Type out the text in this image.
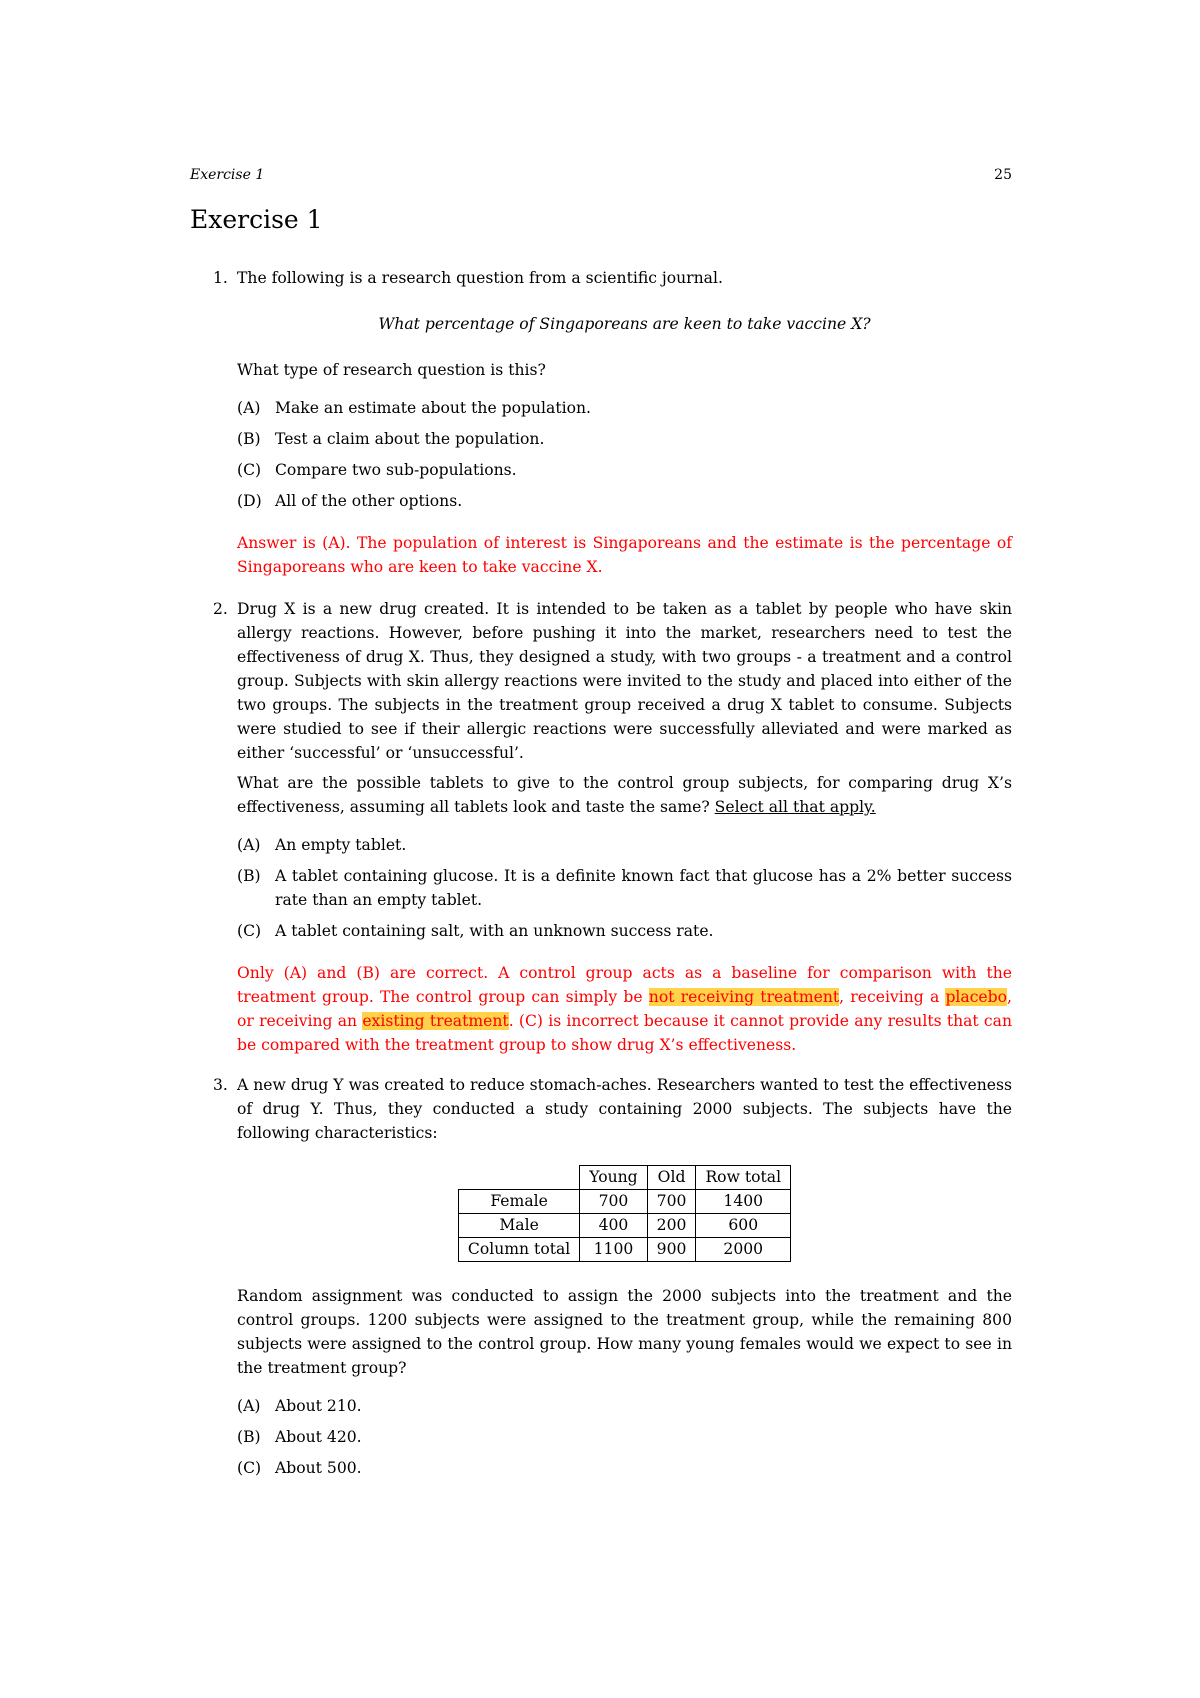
Exercise 1	25
Exercise 1
1. The following is a research question from a scientific journal.

What percentage of Singaporeans are keen to take vaccine X?

What type of research question is this?

(A) Make an estimate about the population.
(B) Test a claim about the population.
(C) Compare two sub-populations.
(D) All of the other options.

Answer is (A). The population of interest is Singaporeans and the estimate is the percentage of Singaporeans who are keen to take vaccine X.

2. Drug X is a new drug created. It is intended to be taken as a tablet by people who have skin allergy reactions. However, before pushing it into the market, researchers need to test the effectiveness of drug X. Thus, they designed a study, with two groups - a treatment and a control group. Subjects with skin allergy reactions were invited to the study and placed into either of the two groups. The subjects in the treatment group received a drug X tablet to consume. Subjects were studied to see if their allergic reactions were successfully alleviated and were marked as either ‘successful’ or ‘unsuccessful’.

What are the possible tablets to give to the control group subjects, for comparing drug X’s effectiveness, assuming all tablets look and taste the same? Select all that apply.

(A) An empty tablet.
(B) A tablet containing glucose. It is a definite known fact that glucose has a 2% better success rate than an empty tablet.
(C) A tablet containing salt, with an unknown success rate.

Only (A) and (B) are correct. A control group acts as a baseline for comparison with the treatment group. The control group can simply be not receiving treatment, receiving a placebo, or receiving an existing treatment. (C) is incorrect because it cannot provide any results that can be compared with the treatment group to show drug X’s effectiveness.

3. A new drug Y was created to reduce stomach-aches. Researchers wanted to test the effectiveness of drug Y. Thus, they conducted a study containing 2000 subjects. The subjects have the following characteristics:

	Young	Old	Row total
Female	700	700	1400
Male	400	200	600
Column total	1100	900	2000

Random assignment was conducted to assign the 2000 subjects into the treatment and the control groups. 1200 subjects were assigned to the treatment group, while the remaining 800 subjects were assigned to the control group. How many young females would we expect to see in the treatment group?

(A) About 210.
(B) About 420.
(C) About 500.
